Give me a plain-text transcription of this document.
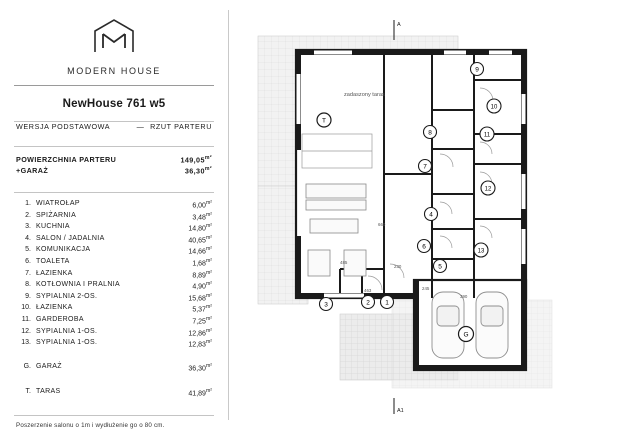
MODERN HOUSE
NewHouse 761 w5
WERSJA PODSTAWOWA	— RZUT PARTERU
POWIERZCHNIA PARTERU	$149,05^{m^2}$
+GARAŻ	$36,30^{m^2}$
1. WIATROŁAP	$6,00^{m^2}$
2. SPIŻARNIA	$3,48^{m^2}$
3. KUCHNIA	$14,80^{m^2}$
4. SALON / JADALNIA	$40,65^{m^2}$
5. KOMUNIKACJA	$14,66^{m^2}$
6. TOALETA	$1,68^{m^2}$
7. ŁAZIENKA	$8,89^{m^2}$
8. KOTŁOWNIA I PRALNIA	$4,90^{m^2}$
9. SYPIALNIA 2-OS.	$15,68^{m^2}$
10. ŁAZIENKA	$5,37^{m^2}$
11. GARDEROBA	$7,25^{m^2}$
12. SYPIALNIA 1-OS.	$12,86^{m^2}$
13. SYPIALNIA 1-OS.	$12,83^{m^2}$
G. GARAŻ	$36,30^{m^2}$
T. TARAS	$41,89^{m^2}$
Poszerzenie salonu o 1m i wydłużenie go o 80 cm.
T
1
2
3
4
5
6
7
8
9
10
11
12
13
G
zadaszony taras
463
230
245
660
390
485
A
A1
